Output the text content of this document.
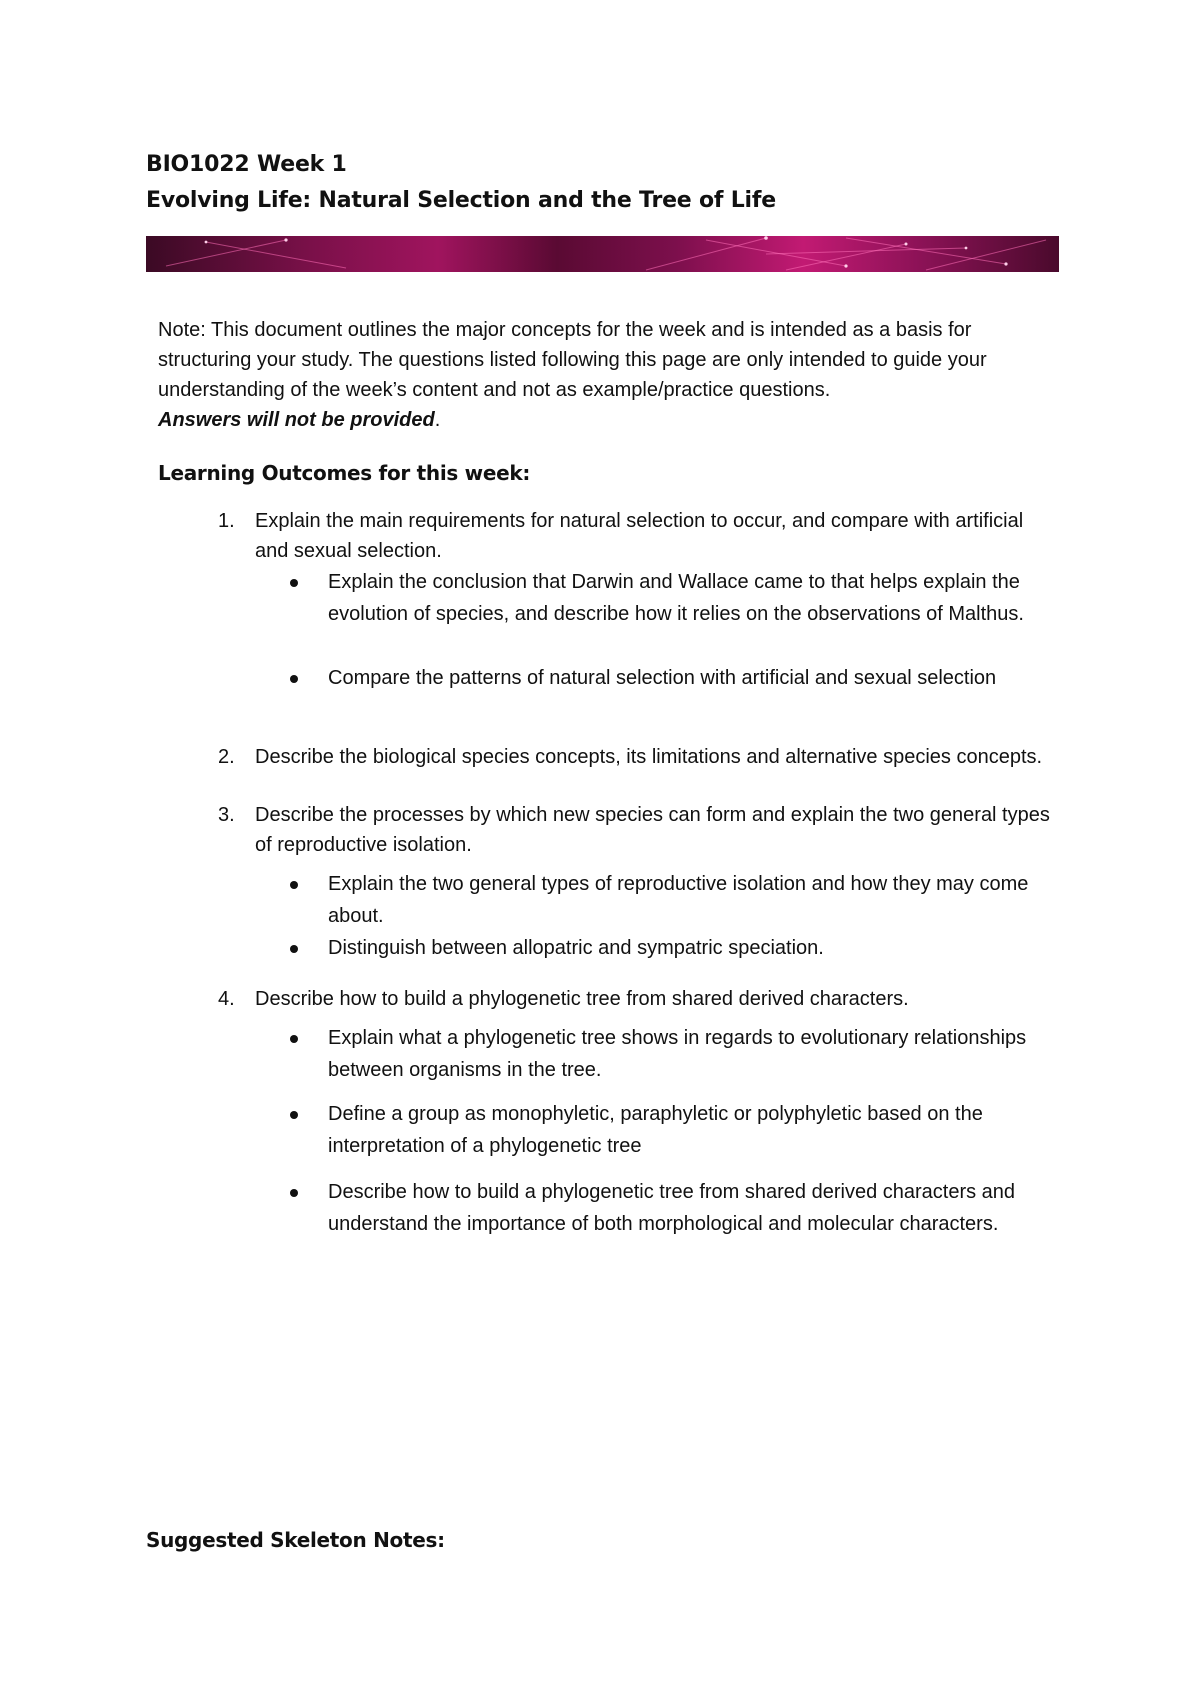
BIO1022 Week 1
Evolving Life: Natural Selection and the Tree of Life

Note: This document outlines the major concepts for the week and is intended as a basis for structuring your study. The questions listed following this page are only intended to guide your understanding of the week’s content and not as example/practice questions.
Answers will not be provided.

Learning Outcomes for this week:
1. Explain the main requirements for natural selection to occur, and compare with artificial and sexual selection.
Explain the conclusion that Darwin and Wallace came to that helps explain the evolution of species, and describe how it relies on the observations of Malthus.
Compare the patterns of natural selection with artificial and sexual selection
2. Describe the biological species concepts, its limitations and alternative species concepts.
3. Describe the processes by which new species can form and explain the two general types of reproductive isolation.
Explain the two general types of reproductive isolation and how they may come about.
Distinguish between allopatric and sympatric speciation.
4. Describe how to build a phylogenetic tree from shared derived characters.
Explain what a phylogenetic tree shows in regards to evolutionary relationships between organisms in the tree.
Define a group as monophyletic, paraphyletic or polyphyletic based on the interpretation of a phylogenetic tree
Describe how to build a phylogenetic tree from shared derived characters and understand the importance of both morphological and molecular characters.
Suggested Skeleton Notes:
